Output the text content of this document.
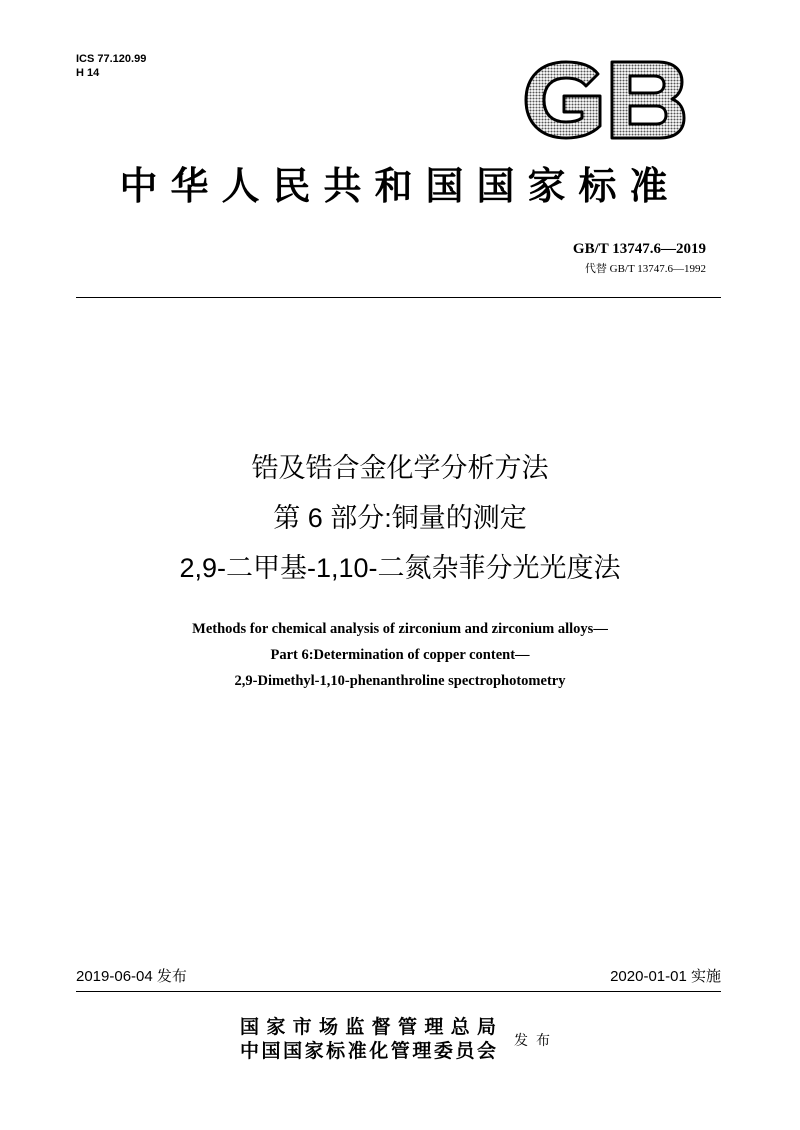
ICS 77.120.99
H 14
中华人民共和国国家标准
GB/T 13747.6—2019
代替 GB/T 13747.6—1992
锆及锆合金化学分析方法
第 6 部分:铜量的测定
2,9-二甲基-1,10-二氮杂菲分光光度法
Methods for chemical analysis of zirconium and zirconium alloys—
Part 6:Determination of copper content—
2,9-Dimethyl-1,10-phenanthroline spectrophotometry
2019-06-04 发布	2020-01-01 实施
国家市场监督管理总局
中国国家标准化管理委员会
发布
